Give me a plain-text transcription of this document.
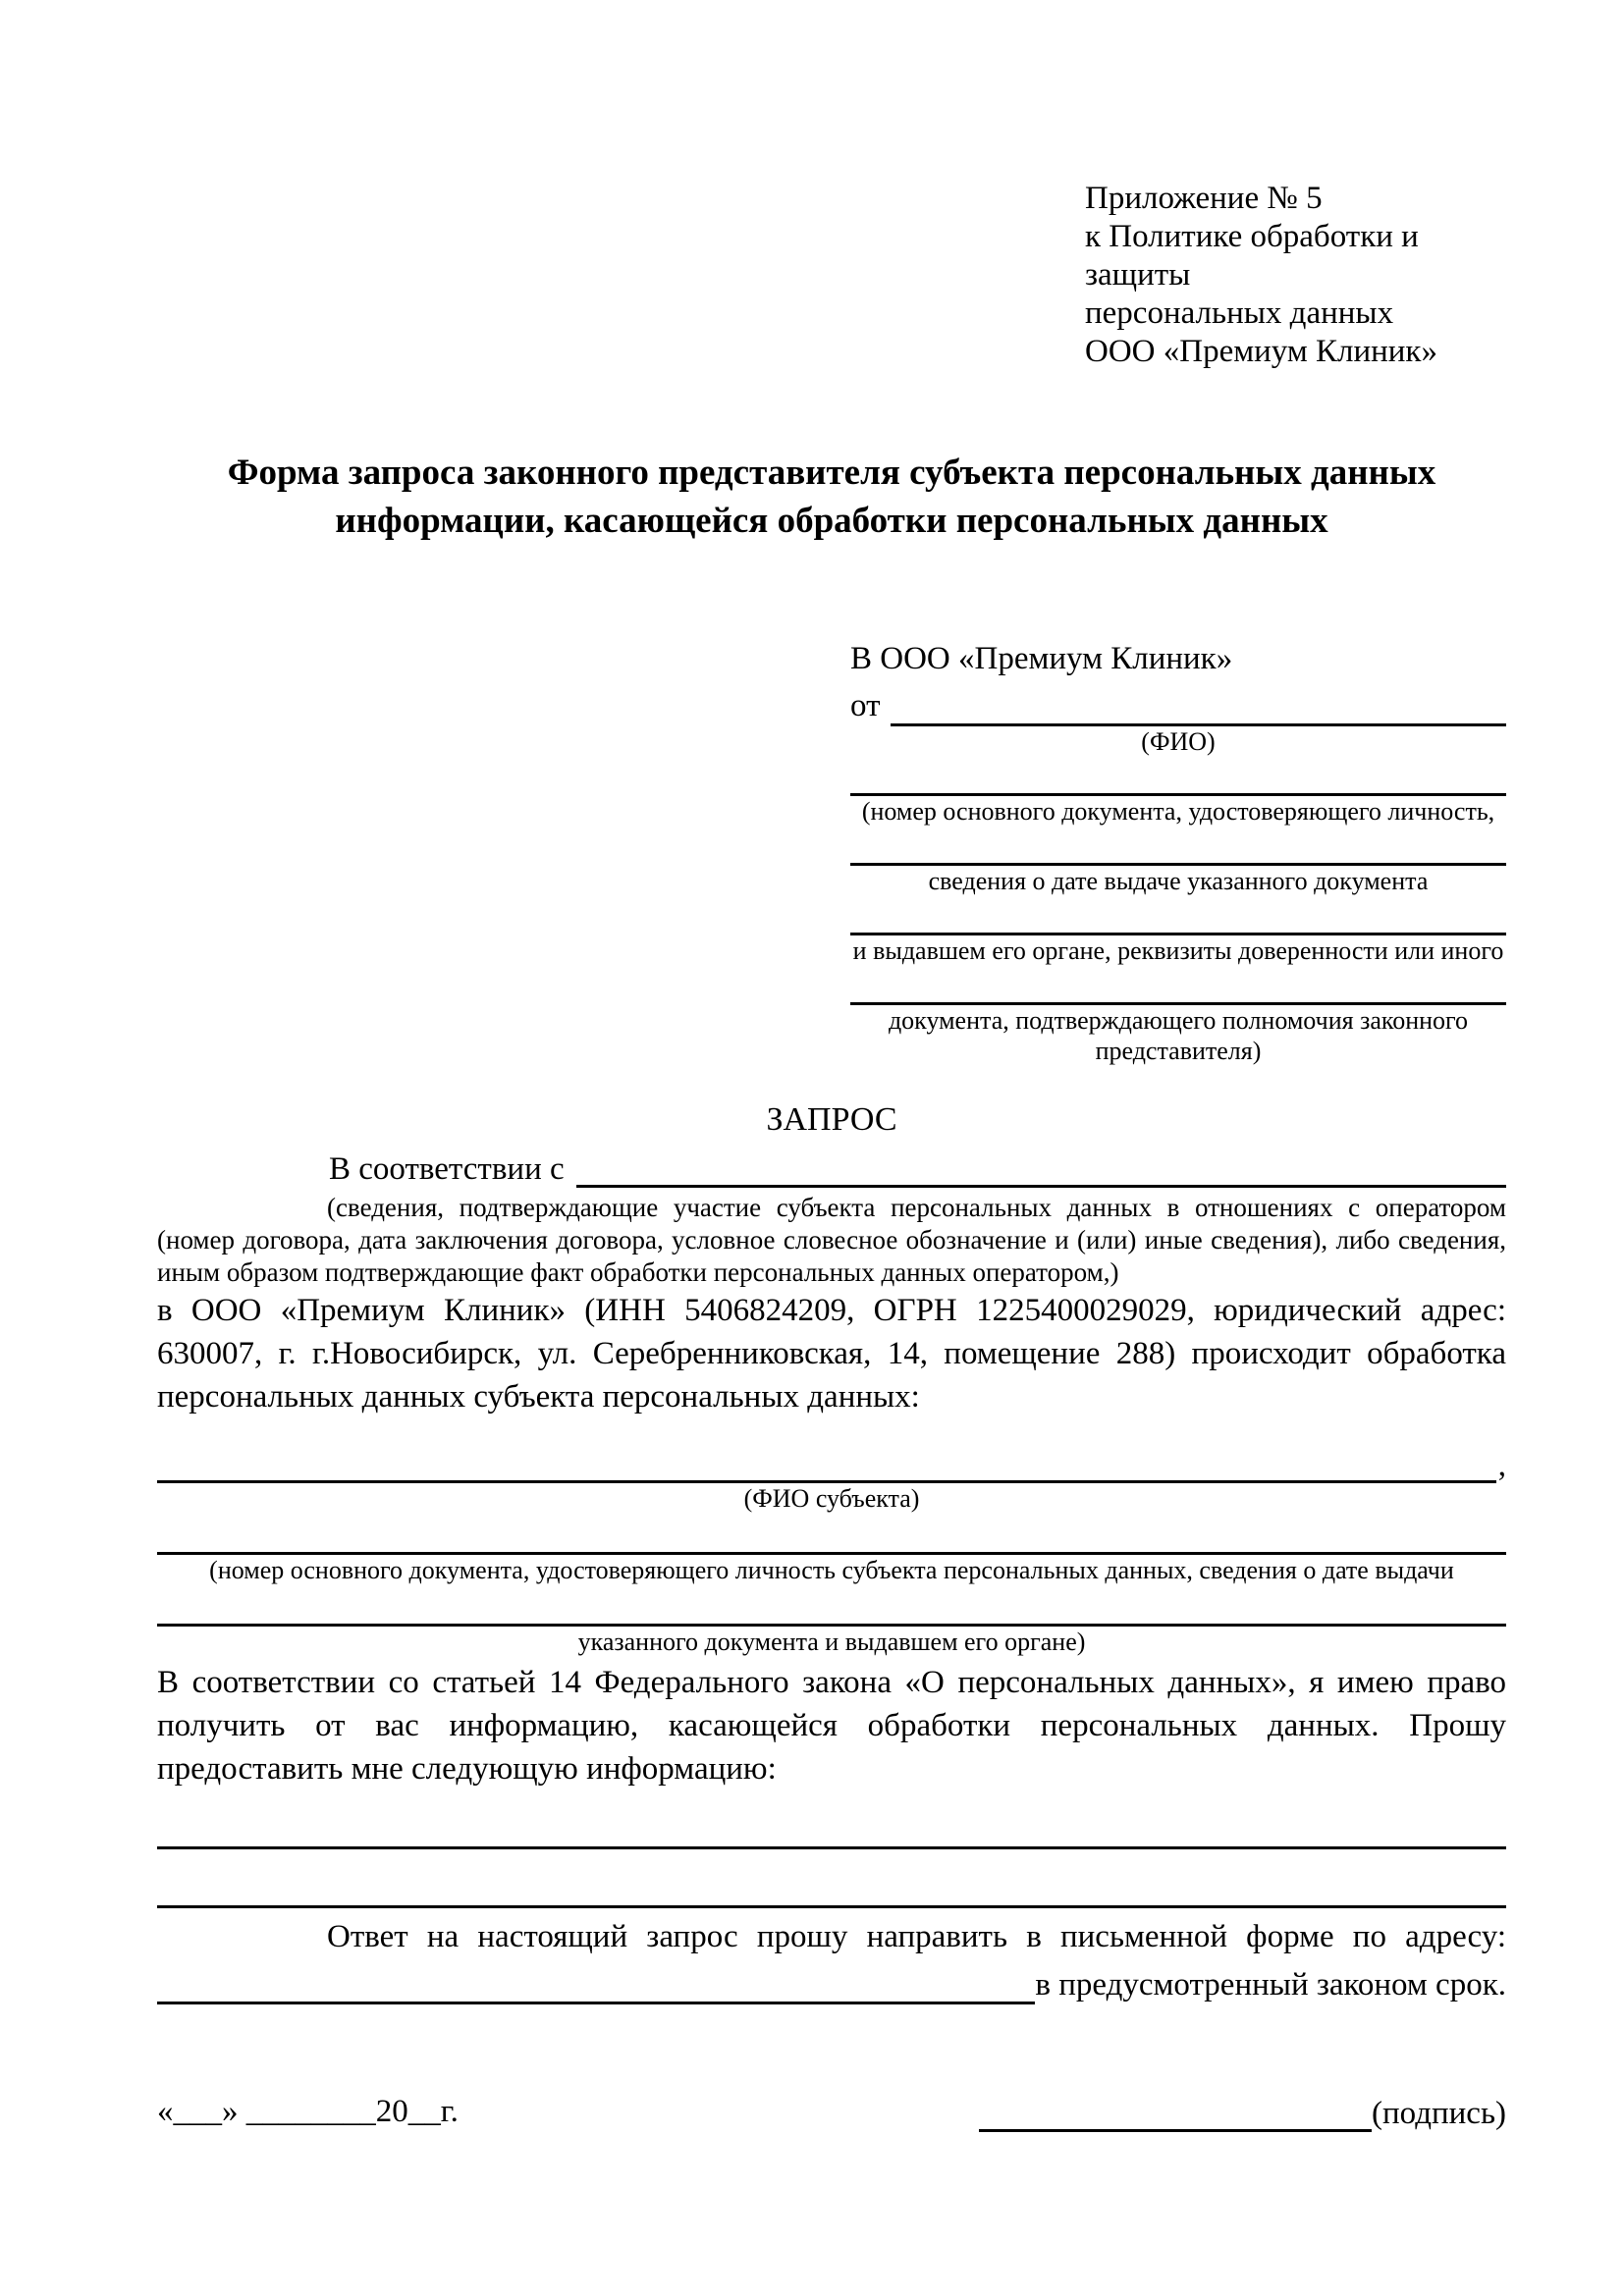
Приложение № 5
к Политике обработки и защиты
персональных данных
ООО «Премиум Клиник»
Форма запроса законного представителя субъекта персональных данных информации, касающейся обработки персональных данных
В ООО «Премиум Клиник»
от
(ФИО)
(номер основного документа, удостоверяющего личность,
сведения о дате выдаче указанного документа
и выдавшем его органе, реквизиты доверенности или иного
документа, подтверждающего полномочия законного представителя)
ЗАПРОС
В соответствии с
(сведения, подтверждающие участие субъекта персональных данных в отношениях с оператором (номер договора, дата заключения договора, условное словесное обозначение и (или) иные сведения), либо сведения, иным образом подтверждающие факт обработки персональных данных оператором,)

в ООО «Премиум Клиник» (ИНН 5406824209, ОГРН 1225400029029, юридический адрес: 630007, г. г.Новосибирск, ул. Серебренниковская, 14, помещение 288) происходит обработка персональных данных субъекта персональных данных:

,
(ФИО субъекта)
(номер основного документа, удостоверяющего личность субъекта персональных данных, сведения о дате выдачи
указанного документа и выдавшем его органе)

В соответствии со статьей 14 Федерального закона «О персональных данных», я имею право получить от вас информацию, касающейся обработки персональных данных. Прошу предоставить мне следующую информацию:

Ответ на настоящий запрос прошу направить в письменной форме по адресу:
в предусмотренный законом срок.
«___» ________20__г.	(подпись)
